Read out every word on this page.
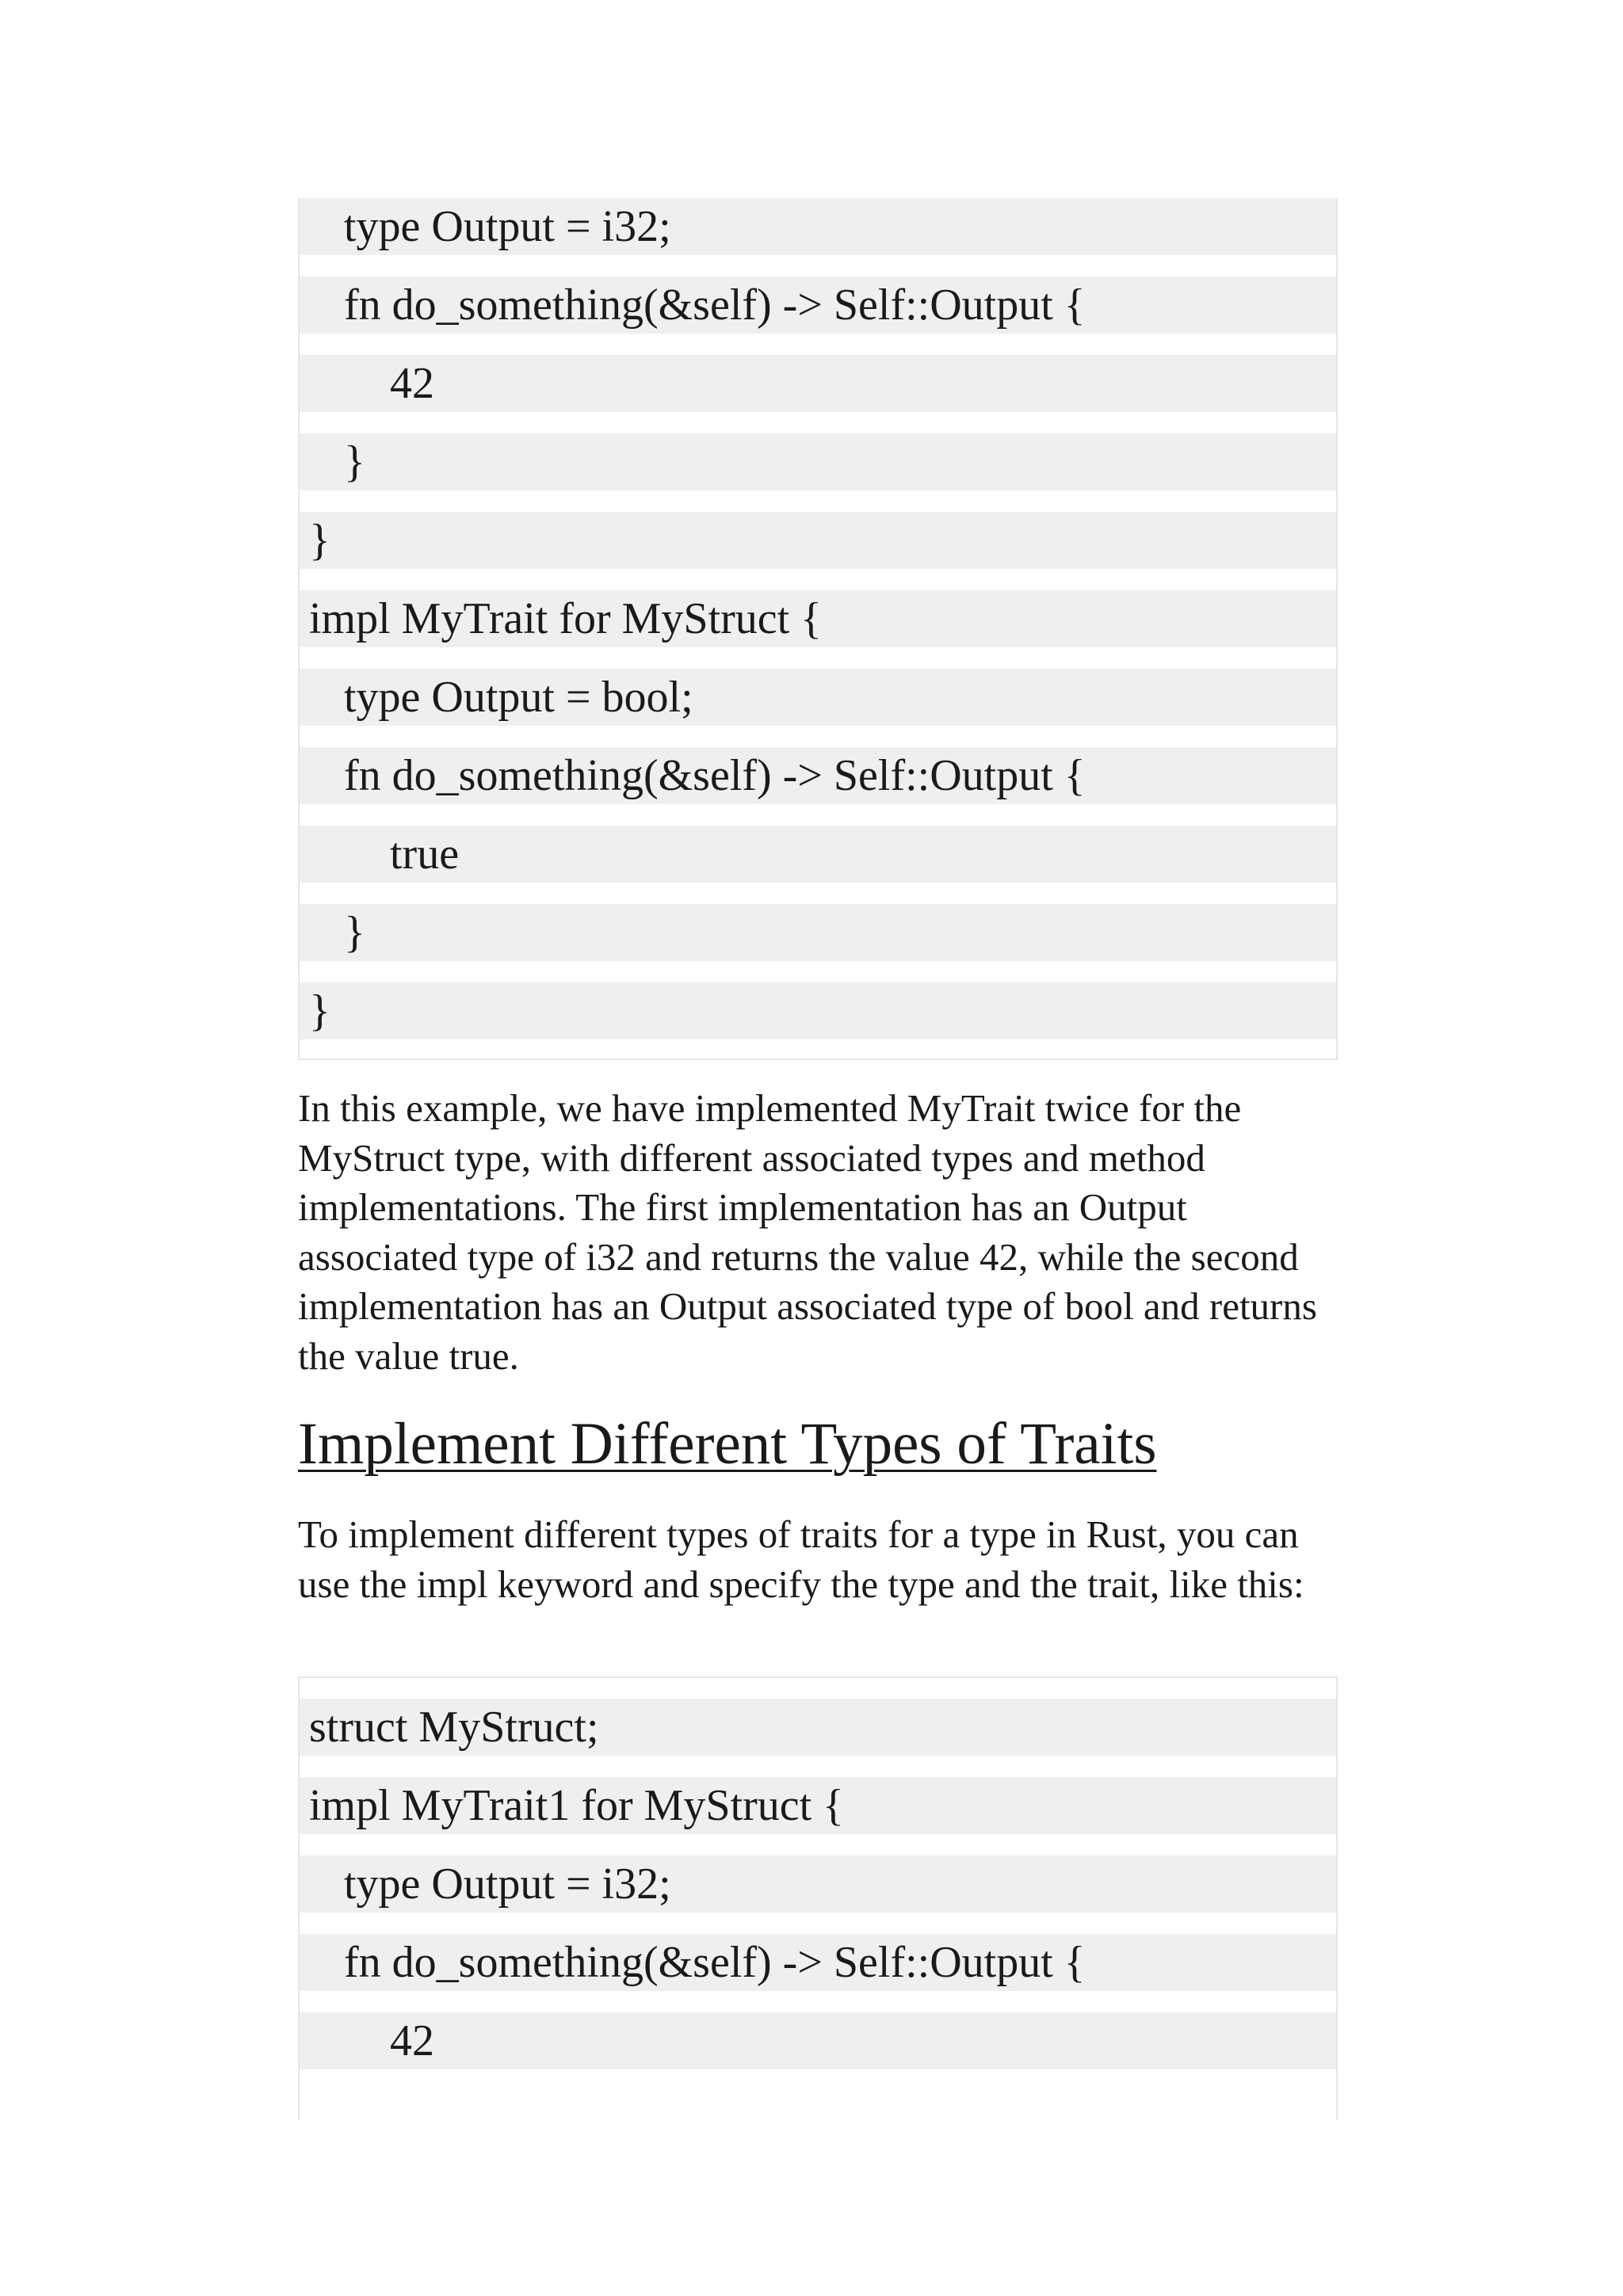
type Output = i32;
fn do_something(&self) -> Self::Output {
42
}
}
impl MyTrait for MyStruct {
type Output = bool;
fn do_something(&self) -> Self::Output {
true
}
}

In this example, we have implemented MyTrait twice for the MyStruct type, with different associated types and method implementations. The first implementation has an Output associated type of i32 and returns the value 42, while the second implementation has an Output associated type of bool and returns the value true.

Implement Different Types of Traits

To implement different types of traits for a type in Rust, you can use the impl keyword and specify the type and the trait, like this:

struct MyStruct;
impl MyTrait1 for MyStruct {
type Output = i32;
fn do_something(&self) -> Self::Output {
42
